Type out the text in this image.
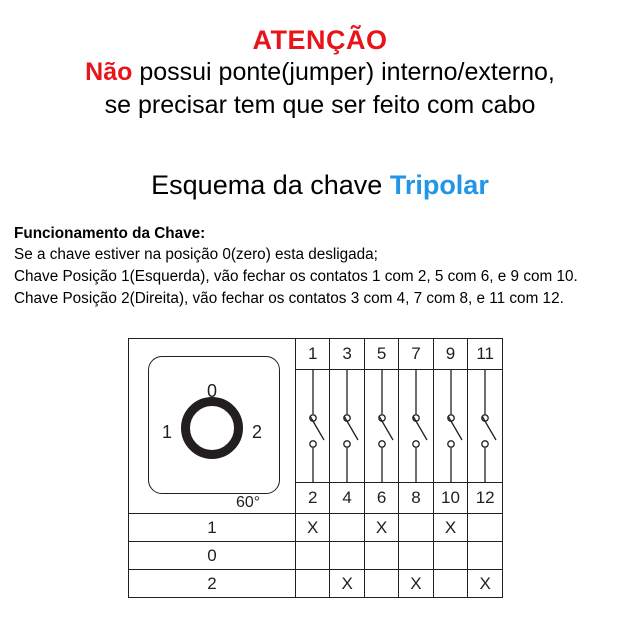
ATENÇÃO
Não possui ponte(jumper) interno/externo,
se precisar tem que ser feito com cabo
Esquema da chave Tripolar
Funcionamento da Chave:
Se a chave estiver na posição 0(zero) esta desligada;
Chave Posição 1(Esquerda), vão fechar os contatos 1 com 2, 5 com 6, e 9 com 10.
Chave Posição 2(Direita), vão fechar os contatos 3 com 4, 7 com 8, e 11 com 12.
0
1 2	1	3	5	7	9	11

	2	4	6	8	10	12
1	X		X		X	
0						
2		X		X		X
60°
